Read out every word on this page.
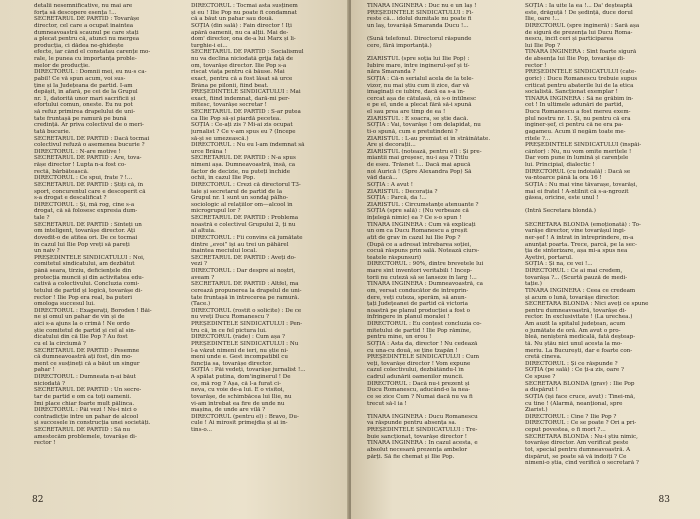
detalii nesemnificative, nu mai are
forța să descopere esența !...
SECRETARUL DE PARTID : Tovarășe
director, cel care a ocupat înaintea
dumneavoastră scaunul pe care stați
a plecat pentru că, atunci nu mergea
producția, ci dădea ne-ghidește
efecte, iar când el constatau carențe mo-
rale, le punea cu importanța proble-
melor de producție.
DIRECTORUL : Domnii mei, eu nu-s ca-
pabil! Ce vă spun acum, voi sus-
ține și la Județeana de partid. I-am
depășit, în afară, pe cei de la Grupul
nr. 1, datorită unor mari sacrificii și
efortului comun, oneste. Eu nu pot
să refuz primirea drapelului de uni-
tate fruntașă pe ramură pe bună
credință. Ar priva colectivul de o meri-
tată bucurie.
SECRETARUL DE PARTID : Dacă tocmai
colectivul refuză o asemenea bucurie ?
DIRECTORUL : N-are motive !
SECRETARUL DE PARTID : Are, tova-
rășe director ! Lupta n-a fost co-
rectă, bărbătească.
DIRECTORUL : Ce spui, frate ? !...
SECRETARUL DE PARTID : Știți că, în
sport, concurentul care e descoperit că
s-a drogat e descalificat ?
DIRECTORUL : Și, mă rog, cine s-a
drogat, că să folosesc expresia dum-
tale ?
SECRETARUL DE PARTID : Sînteți un
om inteligent, tovarășe director. Ați
dovedit-o de atîtea ori. De ce tocmai
în cazul lui Ilie Pop vreți să pareți
un naiv ?
PREȘEDINTELE SINDICATULUI : Noi,
comitetul sindicatului, am dezbătut
până seara, tîrziu, deficiențele din
protecția muncii și din activitatea edu-
cativă a colectivului. Concluzia comi-
tetului de partid și logică, tovarășe di-
rector ! Ilie Pop era real, ba puteri
omologa succesul lui.
DIRECTORUL : Exagerați, Boroden ! Băi-
ne și omul un pahar de vin și de
aici s-a ajuns la o crimă ! Ne ordo
știe comitetul de partid și cel al sin-
dicatului din că Ilie Pop ? Au fost
cu el la circiumă ?
SECRETARUL DE PARTID : Pesemne
că dumneavoastră ați fost, din mo-
ment ce susțineți că a băut un singur
pahar !
DIRECTORUL : Dumneata n-ai băut
niciodată ?
SECRETARUL DE PARTID : Un secre-
tar de partid e om ca toți oamenii.
Îmi place chiar foarte mult pălinca.
DIRECTORUL : Păi vezi ! Nu-i nici o
contradicție între un pahar de alcool
și succesele în construcția unei societăți.
SECRETARUL DE PARTID : Să nu
amestecăm problemele, tovarășe di-
rector !
DIRECTORUL : Tocmai asta susținem
și eu ! Ilie Pop nu poate fi condamnat
că a băut un pahar sau două.
SOȚIA (din sală) : Fain director ! Îți
apără oamenii, nu ca alții. Mai de-
dom' director, ona de-a lui Marx și li-
turghie-i ei...
SECRETARUL DE PARTID : Socialismul
nu va declina niciodată grija față de
om, tovarășe director. Ilie Pop s-a
riscat viața pentru că băuse. Mai
exact, pentru că a fost lăsat să urce
Brâna pe pilonii, fiind beat.
PREȘEDINTELE SINDICATULUI : Mai
exact, fiind îndemnat, dară-mi per-
mitesc, tovarășe secretar !
SECRETARUL DE PARTID : S-ar putea
ca Ilie Pop să-și piardă pecetea.
SOȚIA : Ce-ați zis ? Mi-ai zis ocupat
jurnalist ? Ce v-am spus eu ? (Începe
să-și se umezească.)
DIRECTORUL : Nu eu l-am îndemnat să
urce Brâna !
SECRETARUL DE PARTID : N-a spus
nimeni așa. Dumneavoastră, însă, ca
factor de decizie, nu puteți închide
ochii, în cazul Ilie Pop.
DIRECTORUL : Crezi că directorul T3-
taie și secretarul de partid de la
Grupul nr. 1 sunt un sondaj pălho-
sociologic al relațiilor om—alcool în
microgrupul lor ?
SECRETARUL DE PARTID : Problema
noastră e colectivul Grupului 2, ți nu
al altuia.
DIRECTORUL : Fii convins că jumătate
dintre „evoi” își au trei un păhărel
înaintea meciului local.
SECRETARUL DE PARTID : Aveți do-
vezi ?
DIRECTORUL : Dar despre ai noștri,
aveam ?
SECRETARUL DE PARTID : Altfel, ma
cerează propunerea la drapelul de uni-
tate fruntașă în întrecerea pe ramură.
(Tace.)
DIRECTORUL (rostit o solicite) : De ce
nu vreți Ducu Romanescu ?
PREȘEDINTELE SINDICATULUI : Pen-
tru că, în ce fel pictura lui.
DIRECTORUL (râde) : Cum așa ?
PREȘEDINTELE SINDICATULUI : Nu
l-a văzut nimeni de ieri, nu știe ni-
meni unde e. Gest incompatibil cu
funcția sa, tovarășe director.
SOȚIA : Păi vedeți, tovarășe jurnalist !...
A spălat putina, dom'inginerul ! De
ce, mă rog ? Așa, că l-a furat ci-
neva, cu voie de-a lui. E o visitoi,
tovarășe, de schimbăcea lui Ilie, nu
vi-am întrebat ea fire de unde nu
mașina, de unde are vilă ?
DIRECTORUL (pentru el) : Bravo, Du-
cule ! Ai mirosit primejdia și ai in-
tins-o...
82
TÎNĂRA INGINERĂ : Duc nu e un laș !
PREȘEDINTELE SINDICATULUI : Fi-
reste că... idolul dumitale nu poate fi
un laș, tovarășă Smaranda Ducu !...
(Sună telefonul. Directorul răspunde
cere, fără importanță.)
ZIARISTUL (spre soția lui Ilie Pop) :
Iubire mare, între inginerul-șef și tî-
năra Smaranda ?
SOȚIA : Că-n serialul acela de la tele-
vizor, nu mai știu cum îi zice, dar vă
imaginați ce iubire, dacă ea s-a în-
cercat așa de cătulasă, că s-o întîlnesc
e pe el, unde a plecat fără să-i spună
el sau prea are timp de ea !
ZIARISTUL : E soacra, se știe dacă.
SOȚIA : Vai, tovarășe ! om delapidat, nu
ti-o spună, cum e pretutindeni ?
ZIARISTUL : L-au premiat ei în străinătate.
Are și decorații...
ZIARISTUL (notează, pentru el) : Și pre-
miantii mai greșesc, nu-i așa ? Titlu
de eseu. Trăsnet !... Dacă mai apucă
noi Aurică ! (Spre Alexandra Pop) Să
văd dacă...
SOȚIA : A avut !
ZIARISTUL : Decorația ?
SOȚIA : Parcă, da !...
ZIARISTUL : Circumstanțe atenuante ?
SOȚIA (spre sală) : (Nu verbeaze că
înțelegă nimic) ea ? Ce s-o spun !
TÎNĂRA INGINERĂ : Cum vă explicați
un om ca Ducu Romanescu a greșit
atît de grav în cazul lui Ilie Pop ?
(După ce a adresat întrebarea soției,
cocuă răspuns prin sală. Notează ciurs-
teatele răspunsuri)
DIRECTORUL : 90%, dintre brevetele lui
mare sînt inventori veritabili ! Încep-
torii nu cuteză să se lanseze în larg !...
TÎNĂRA INGINERĂ : Dumneavoastră, ca
om, versat conducător de întreprin-
dere, veți cuteza, sperăm, să anun-
țați Județeanei de partid că victoria
noastră pe planul producției a fost o
înfrîngere în planul moralei !
DIRECTORUL : Eu conțest concluzia co-
mitetului de partid ! Ilie Pop rămîne,
pentru mine, un erou !
SOȚIA : Asta da, director ! Nu cedează
cu una-cu două, se ține tzapăn !
PREȘEDINTELE SINDICATULUI : Cum
veți, tovarășe director ! Vom expune
cazul colectivului, dezbătându-l în
cadrul adunării oamenilor muncii.
DIRECTORUL : Dacă nu-i prezent și
Ducu Romanescu, aducând-o la nea-
ce se zice Cum ? Numai dacă nu va fi
trecut să-l ia !
TÎNĂRA INGINERĂ : Ducu Romanescu
va răspunde pentru absența sa.
PREȘEDINTELE SINDICATULUI : Tre-
buie sancționat, tovarășe director !
TÎNĂRA INGINERĂ : În cazul acesta, e
absolut necesară prezența ambelor
părți. Să fie chemat și Ilie Pop.
SOȚIA : Ia uite la ea !... Da' deșteaptă
este, drăguță ! De ședință, duce dorul
Ilie, oare !...
DIRECTORUL (spre ingineră) : Sară așa
de sigură de prezența lui Ducu Roma-
nescu, încît ceri și participarea
lui Ilie Pop ?
TÎNĂRA INGINERĂ : Sînt foarte sigură
de absența lui Ilie Pop, tovarășe di-
rector !
PREȘEDINTELE SINDICATULUI (cate-
goric) : Ducu Romanescu trebuie supus
criticat pentru abaterile lui de la etica
socialistă. Sancționat exemplar !
TÎNĂRA INGINERĂ : Să ne grăbim în-
cet ! În ultimele adunări de partid,
Ducu Romanescu a fost mereu exem-
plul nostru nr. 1. Și, nu pentru că era
inginer-șef, ci pentru că ne era pa-
gagameu. Acum îl negăm toate me-
ritele ?...
PREȘEDINTELE SINDICATULUI (înspăi-
cântor) : Nu, nu vom omite meritele !
Dar vom pune în lumină și carențele
lui. Principial, dialectic !
DIRECTORUL (cu indoială) : Dacă se
va-ntoarce până la ora 16 !
SOȚIA : Nu mai vine tăvarașe, tovarăși,
mai ei fratel ! A-ntîlnit că s-a-ngrozit
găsea, oricine, este unul !
(Intră Secretara blondă.)
SECRETARA BLONDĂ (emoționată) : To-
varășe director, vine tovarășul ingi-
ner-șef ! A intrat în întreprindere, m-a
anunțat poarta. Trece, parcă, pe la sec-
ția de sinterizare, așa mi-a spus nea
Ayetivi, portarul.
SOȚIA : Și na, ce vei !...
DIRECTORUL : Ce ai mai credem,
tovarășa ?... (Scurtă pauză de medi-
tație.)
TÎNĂRA INGINERĂ : Ceea ce credeam
și acum o lună, tovarășe director.
SECRETARA BLONDĂ : Nici aveți ce spune
pentru dumneavoastră, tovarășe di-
rector. În exclusivitate ! (La urechea.)
Am auzit la spitalul județean, acum
o jumătate de oră. Am avut o pro-
bleă, nenișteră medicală, fată deșteap-
tă. Nu ștău nici unul acesta la mo-
meriu. La București, dar e foarte con-
cretă cineva.
DIRECTORUL : Și ce răspunde ?
SOȚIA (pe sală) : Ce ți-a zis, oare ?
Ce spuse ?
SECRETARA BLONDĂ (grav) : Ilie Pop
a dispărut !
SOȚIA (își face cruce, avut) : Tînei-mă,
cu tine ! (Alarmă, neanțional, spre
Ziarist.)
DIRECTORUL : Cine ? Ilie Pop ?
DIRECTORUL : Ce se poate ? Ori a pri-
ceput povestea, o fi mort ?...
SECRETARA BLONDĂ : Nu-i știu nimic,
tovarășe director. Am verificat peste
tot, special pentru dumneavoastră. A
dispărut, se poate să vă îndoiți ? Ce
nimeni-o știa, cînd verifică o secretară ?
83
